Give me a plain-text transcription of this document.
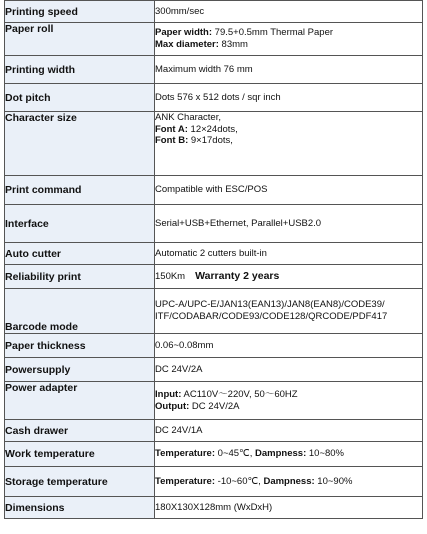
Printing speed	300mm/sec
Paper roll	Paper width: 79.5+0.5mm Thermal Paper
Max diameter: 83mm

Printing width	Maximum width 76 mm
Dot pitch	Dots 576 x 512 dots / sqr inch
Character size	ANK Character,
Font A: 12×24dots,
Font B: 9×17dots,

Print command	Compatible with ESC/POS
Interface	Serial+USB+Ethernet, Parallel+USB2.0
Auto cutter	Automatic 2 cutters built-in
Reliability print	150Km Warranty 2 years
Barcode mode	UPC-A/UPC-E/JAN13(EAN13)/JAN8(EAN8)/CODE39/
ITF/CODABAR/CODE93/CODE128/QRCODE/PDF417

Paper thickness	0.06~0.08mm
Powersupply	DC 24V/2A
Power adapter	Input: AC110V～220V, 50～60HZ
Output: DC 24V/2A

Cash drawer	DC 24V/1A
Work temperature	Temperature: 0~45℃, Dampness: 10~80%
Storage temperature	Temperature: -10~60℃, Dampness: 10~90%
Dimensions	180X130X128mm (WxDxH)
